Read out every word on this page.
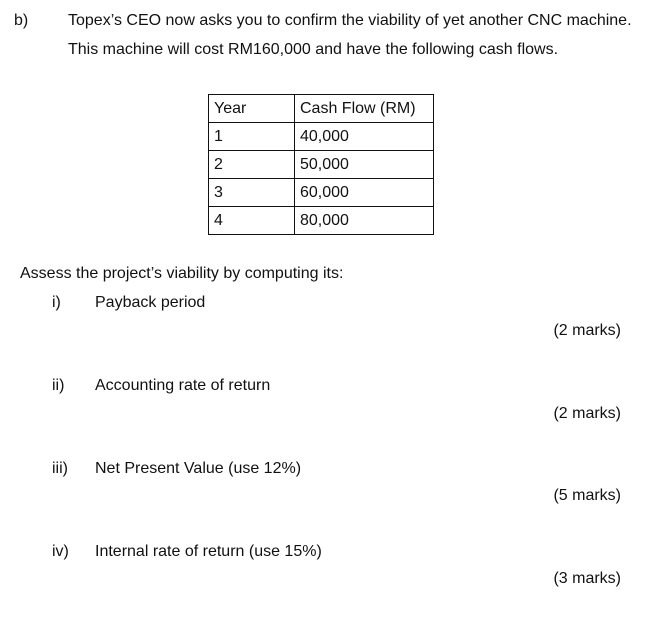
b) Topex’s CEO now asks you to confirm the viability of yet another CNC machine.
This machine will cost RM160,000 and have the following cash flows.
Year	Cash Flow (RM)
1	40,000
2	50,000
3	60,000
4	80,000
Assess the project’s viability by computing its:
i) Payback period
(2 marks)
ii) Accounting rate of return
(2 marks)
iii) Net Present Value (use 12%)
(5 marks)
iv) Internal rate of return (use 15%)
(3 marks)
